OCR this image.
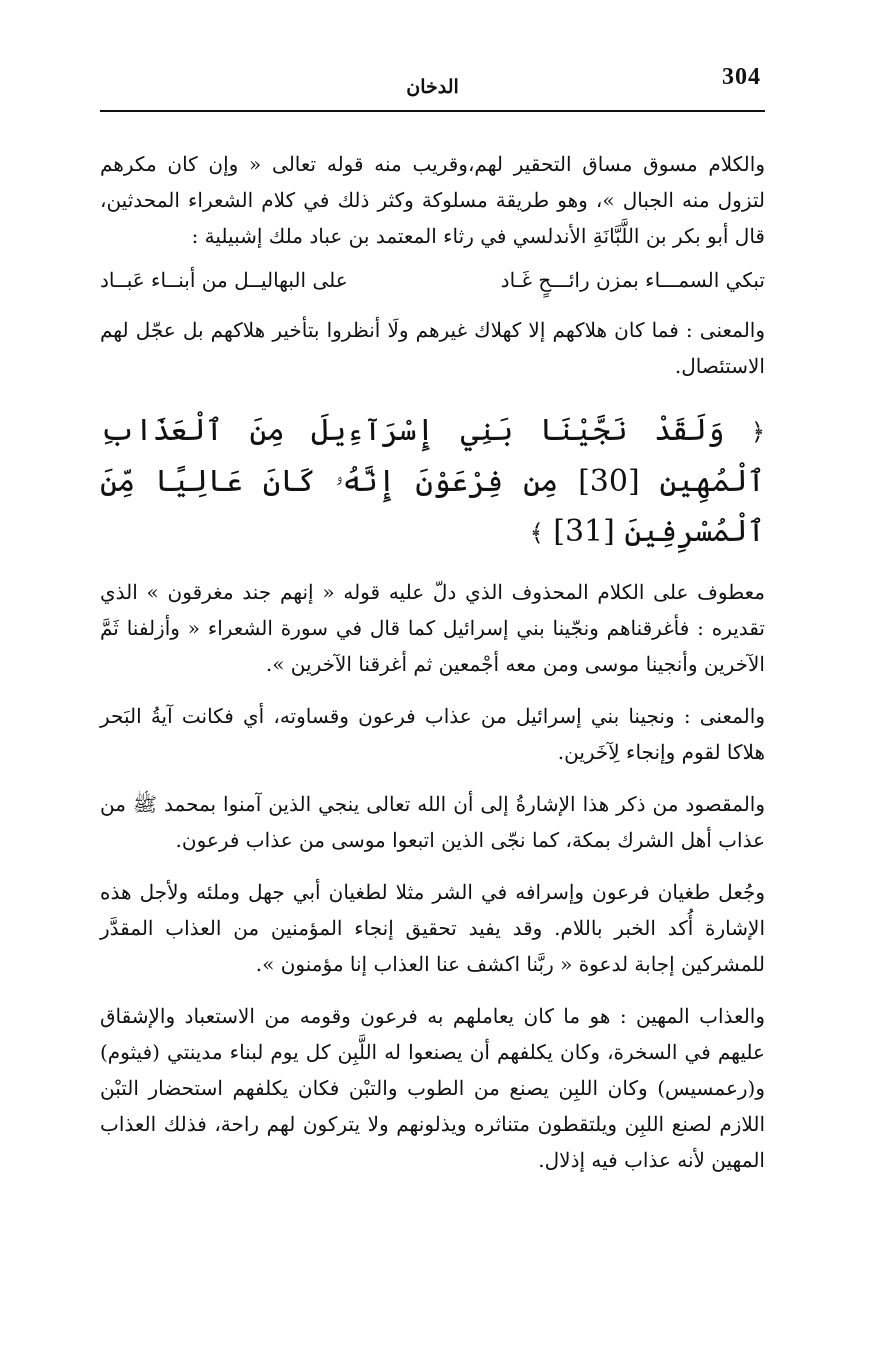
304
الدخان

والكلام مسوق مساق التحقير لهم،وقريب منه قوله تعالى « وإن كان مكرهم لتزول منه الجبال »، وهو طريقة مسلوكة وكثر ذلك في كلام الشعراء المحدثين، قال أبو بكر بن اللَّبَّانَةِ الأندلسي في رثاء المعتمد بن عباد ملك إشبيلية :

تبكي السمـــاء بمزن رائـــحٍ غَـاد
على البهاليــل من أبنــاء عَبــاد

والمعنى : فما كان هلاكهم إلا كهلاك غيرهم ولَا أنظروا بتأخير هلاكهم بل عجّل لهم الاستئصال.

﴿ وَلَقَدْ نَجَّيْنَا بَنِي إِسْرَآءِيلَ مِنَ ٱلْعَذَابِ ٱلْمُهِينِ [30] مِن فِرْعَوْنَ إِنَّهُۥ كَانَ عَالِيًا مِّنَ ٱلْمُسْرِفِينَ [31] ﴾

معطوف على الكلام المحذوف الذي دلّ عليه قوله « إنهم جند مغرقون » الذي تقديره : فأغرقناهم ونجّينا بني إسرائيل كما قال في سورة الشعراء « وأزلفنا ثَمَّ الآخرين وأنجينا موسى ومن معه أجْمعين ثم أغرقنا الآخرين ».

والمعنى : ونجينا بني إسرائيل من عذاب فرعون وقساوته، أي فكانت آيةُ البَحر هلاكا لقوم وإنجاء لِآخَرين.

والمقصود من ذكر هذا الإشارةُ إلى أن الله تعالى ينجي الذين آمنوا بمحمد ﷺ من عذاب أهل الشرك بمكة، كما نجّى الذين اتبعوا موسى من عذاب فرعون.

وجُعل طغيان فرعون وإسرافه في الشر مثلا لطغيان أبي جهل وملئه ولأجل هذه الإشارة أُكد الخبر باللام. وقد يفيد تحقيق إنجاء المؤمنين من العذاب المقدَّر للمشركين إجابة لدعوة « ربَّنا اكشف عنا العذاب إنا مؤمنون ».

والعذاب المهين : هو ما كان يعاملهم به فرعون وقومه من الاستعباد والإشقاق عليهم في السخرة، وكان يكلفهم أن يصنعوا له اللَّبِن كل يوم لبناء مدينتي (فيثوم) و(رعمسيس) وكان اللبِن يصنع من الطوب والتبْن فكان يكلفهم استحضار التبْن اللازم لصنع اللبِن ويلتقطون متناثره ويذلونهم ولا يتركون لهم راحة، فذلك العذاب المهين لأنه عذاب فيه إذلال.
